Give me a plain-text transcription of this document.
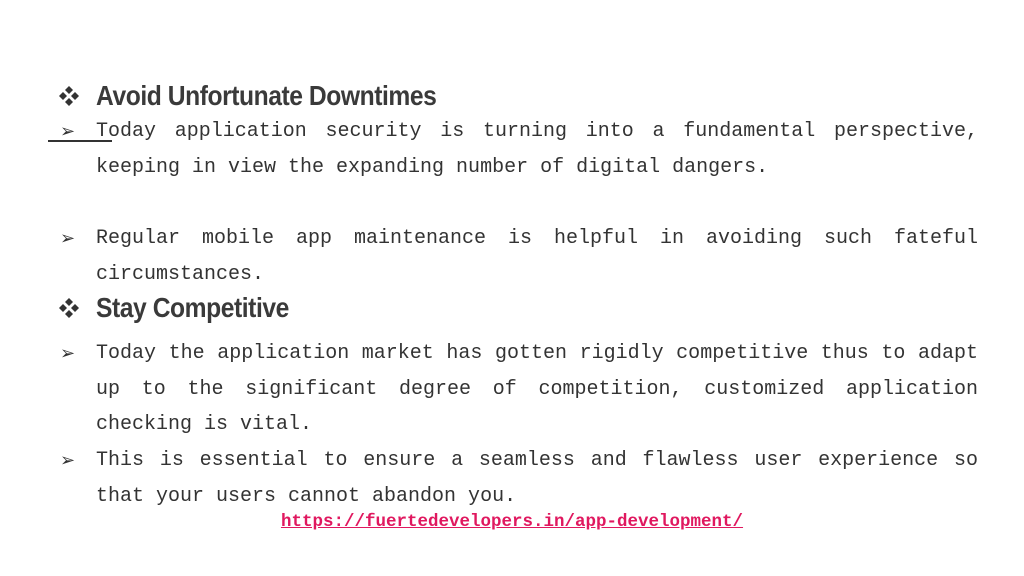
Avoid Unfortunate Downtimes
➢ Today application security is turning into a fundamental perspective, keeping in view the expanding number of digital dangers.

➢ Regular mobile app maintenance is helpful in avoiding such fateful circumstances.

Stay Competitive
➢ Today the application market has gotten rigidly competitive thus to adapt up to the significant degree of competition, customized application checking is vital.

➢ This is essential to ensure a seamless and flawless user experience so that your users cannot abandon you.

https://fuertedevelopers.in/app-development/
